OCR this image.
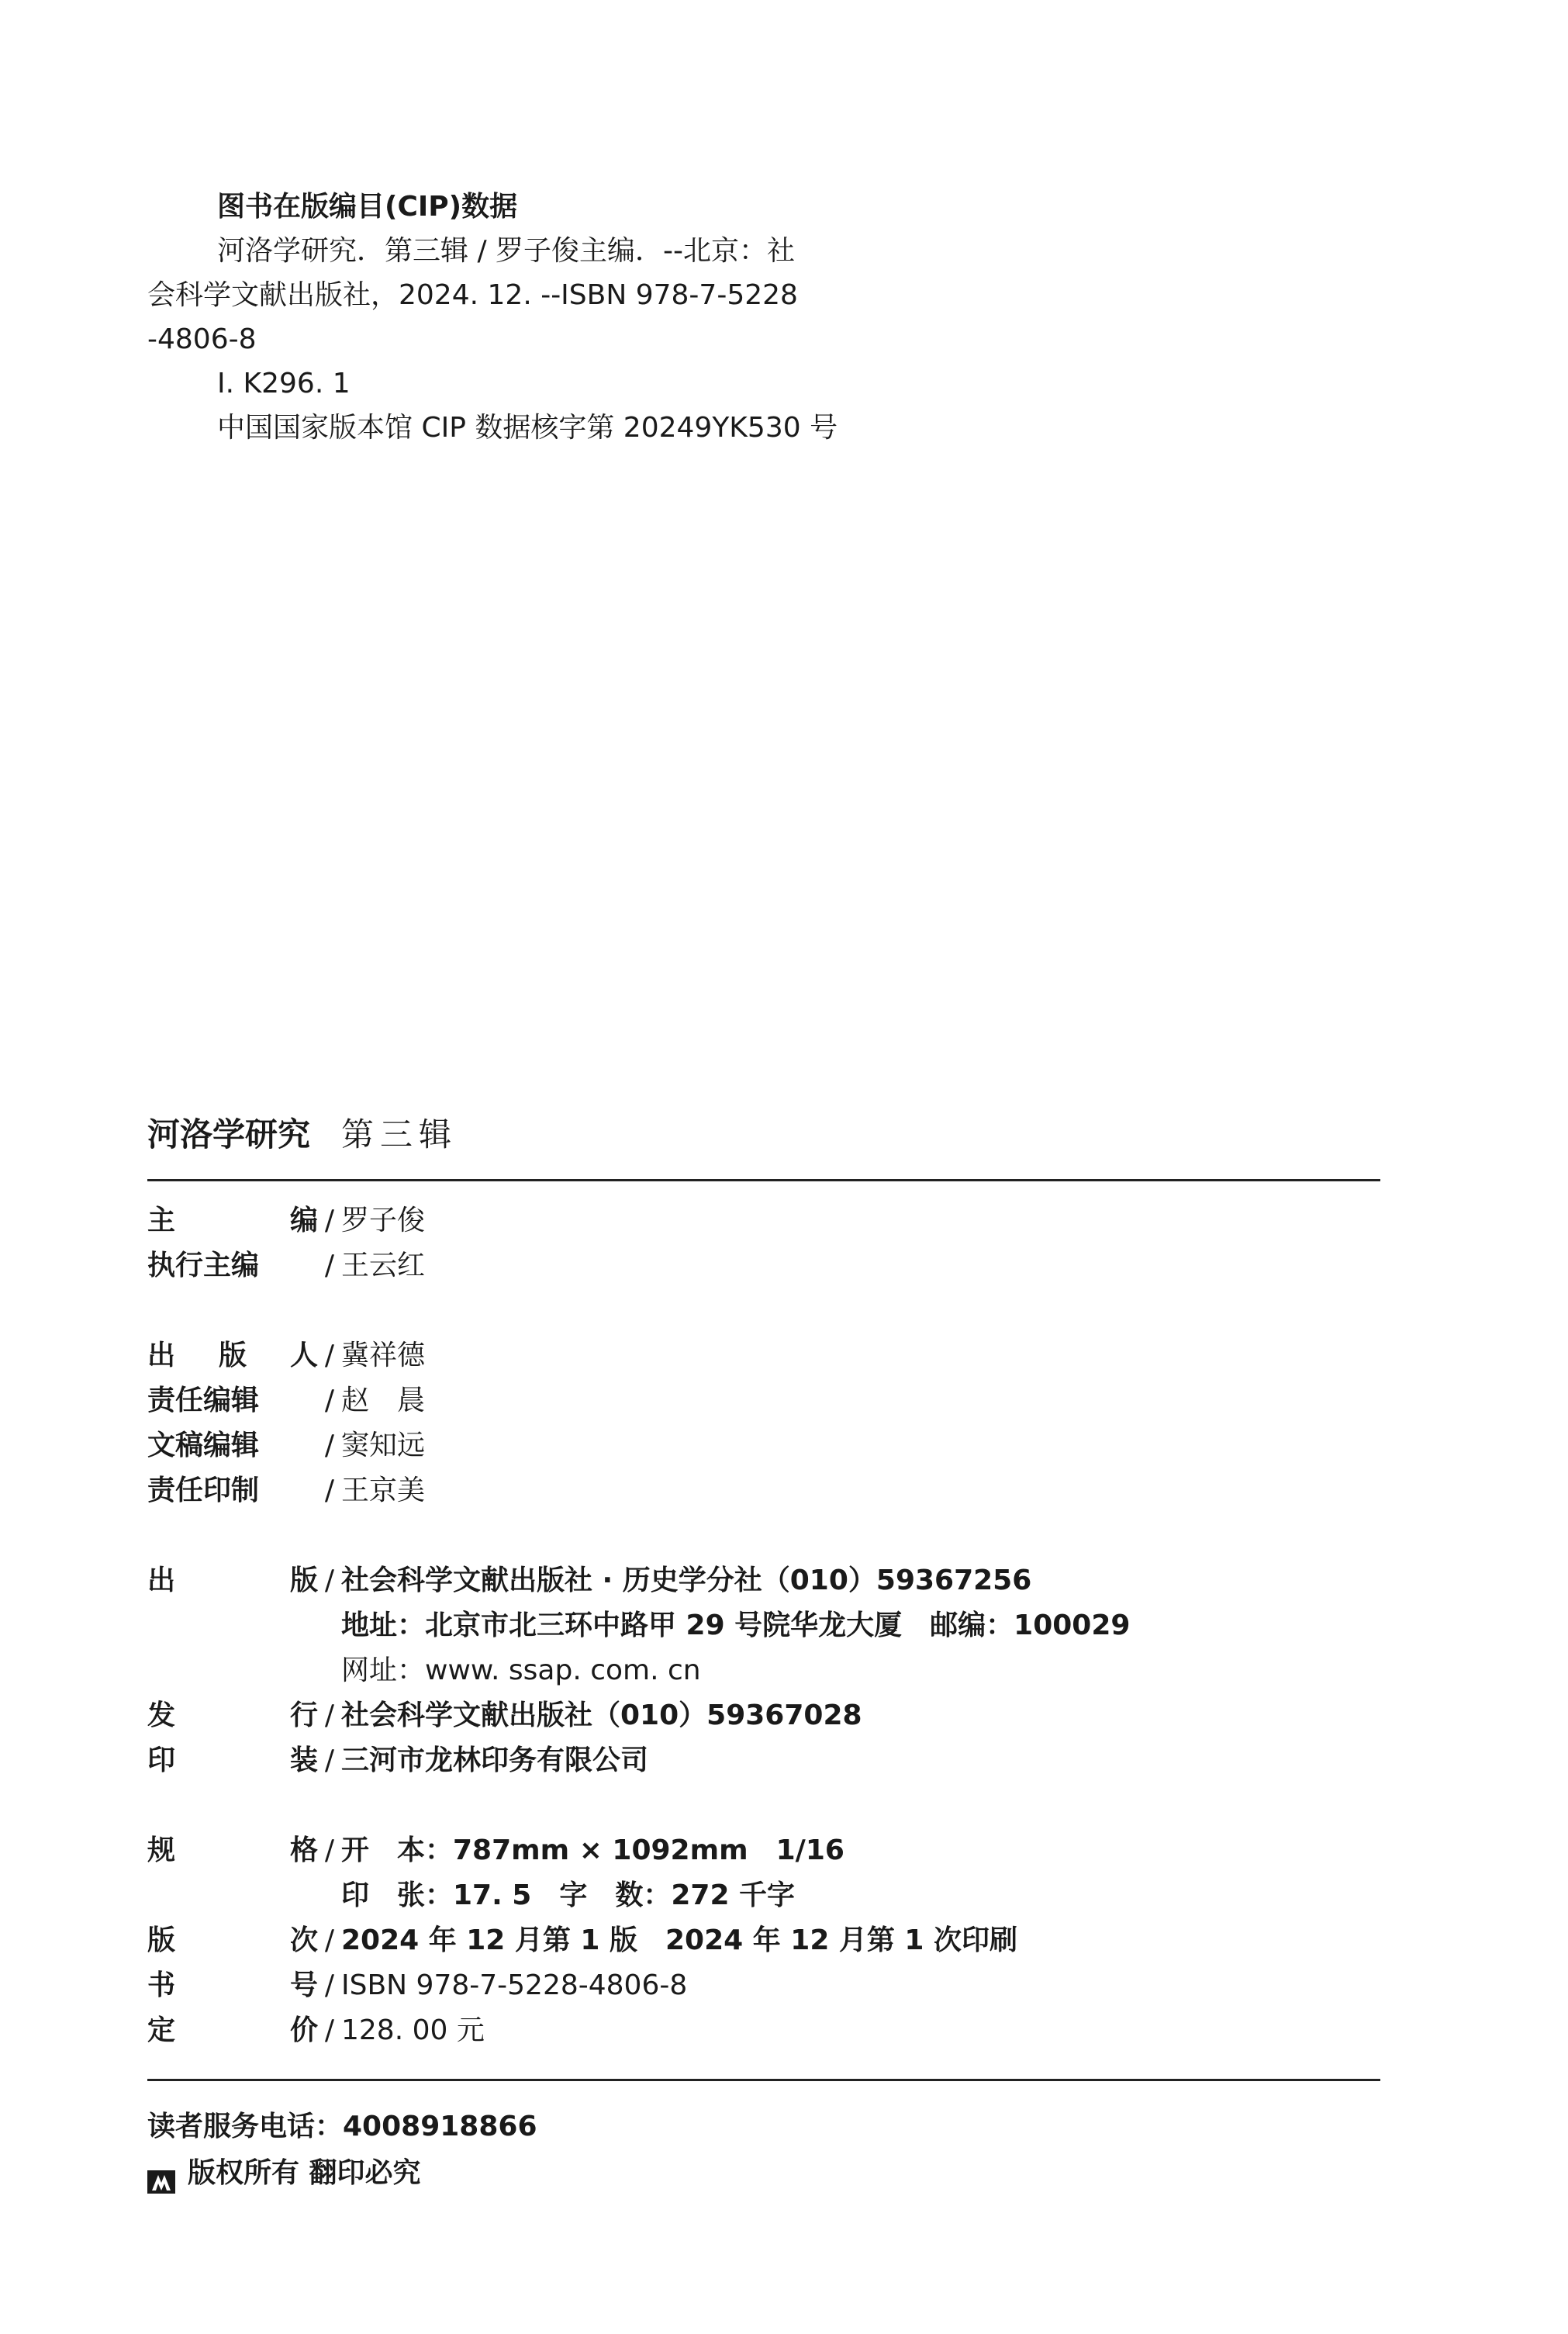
图书在版编目(CIP)数据
河洛学研究．第三辑 / 罗子俊主编．--北京：社
会科学文献出版社，2024. 12. --ISBN 978-7-5228
-4806-8
Ⅰ. K296. 1
中国国家版本馆 CIP 数据核字第 20249YK530 号
河洛学研究 第三辑
主	编 / 罗子俊
执行主编 / 王云红
出 版 人 / 冀祥德
责任编辑 / 赵　晨
文稿编辑 / 窦知远
责任印制 / 王京美
出	版 / 社会科学文献出版社 · 历史学分社（010）59367256
地址：北京市北三环中路甲 29 号院华龙大厦　邮编：100029
网址：www. ssap. com. cn
发	行 / 社会科学文献出版社（010）59367028
印	装 / 三河市龙林印务有限公司
规	格 / 开　本：787mm × 1092mm　1/16
印　张：17. 5　字　数：272 千字
版	次 / 2024 年 12 月第 1 版　2024 年 12 月第 1 次印刷
书	号 / ISBN 978-7-5228-4806-8
定	价 / 128. 00 元
读者服务电话：4008918866
版权所有 翻印必究
